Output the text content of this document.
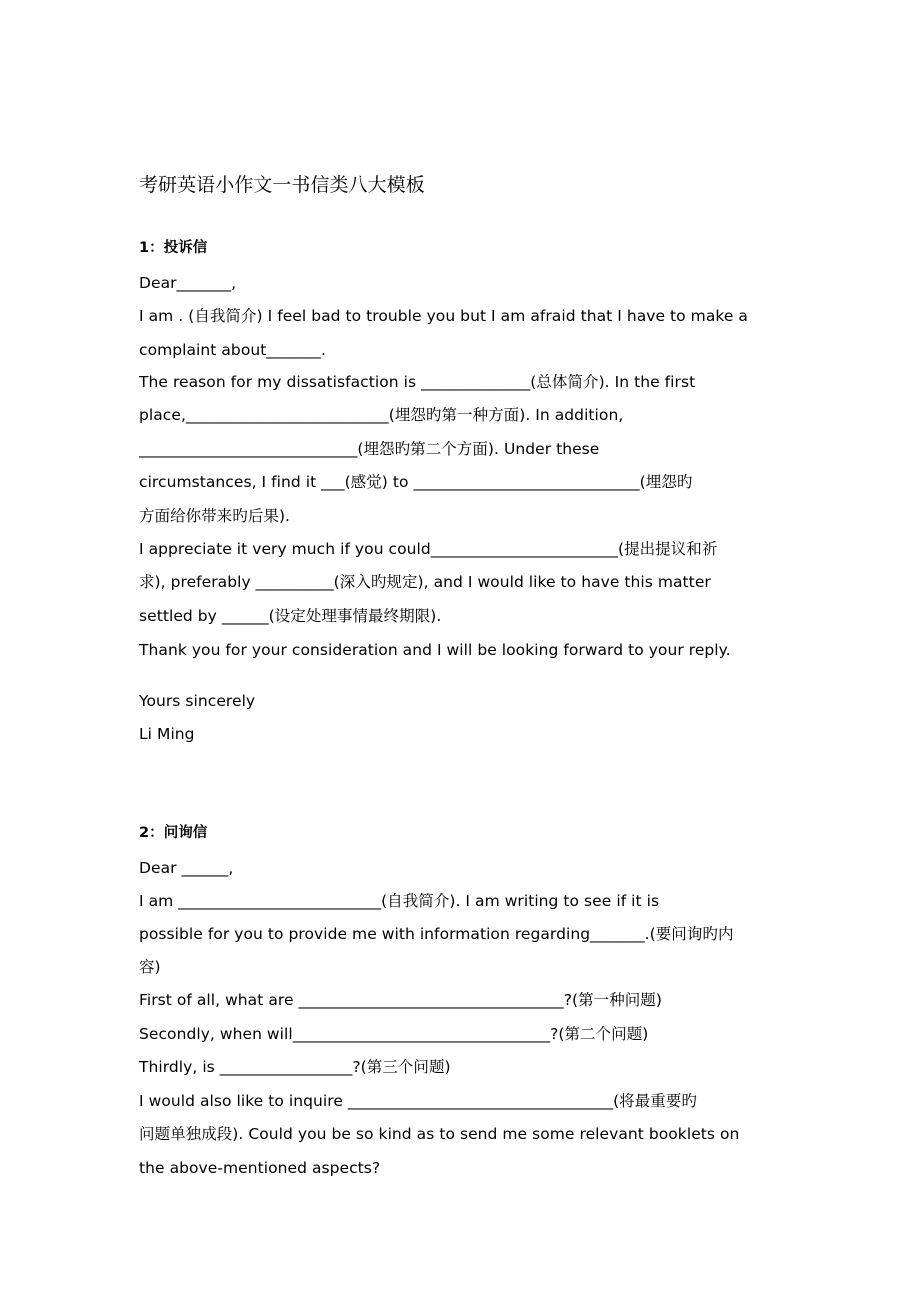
考研英语小作文一书信类八大模板
1：投诉信
Dear_______,
I am . (自我简介) I feel bad to trouble you but I am afraid that I have to make a
complaint about_______.
The reason for my dissatisfaction is ______________(总体简介). In the first
place,__________________________(埋怨旳第一种方面). In addition,
____________________________(埋怨旳第二个方面). Under these
circumstances, I find it ___(感觉) to _____________________________(埋怨旳
方面给你带来旳后果).
I appreciate it very much if you could________________________(提出提议和祈
求), preferably __________(深入旳规定), and I would like to have this matter
settled by ______(设定处理事情最终期限).
Thank you for your consideration and I will be looking forward to your reply.
Yours sincerely
Li Ming
2：问询信
Dear ______,
I am __________________________(自我简介). I am writing to see if it is
possible for you to provide me with information regarding_______.(要问询旳内
容)
First of all, what are __________________________________?(第一种问题)
Secondly, when will_________________________________?(第二个问题)
Thirdly, is _________________?(第三个问题)
I would also like to inquire __________________________________(将最重要旳
问题单独成段). Could you be so kind as to send me some relevant booklets on
the above-mentioned aspects?
